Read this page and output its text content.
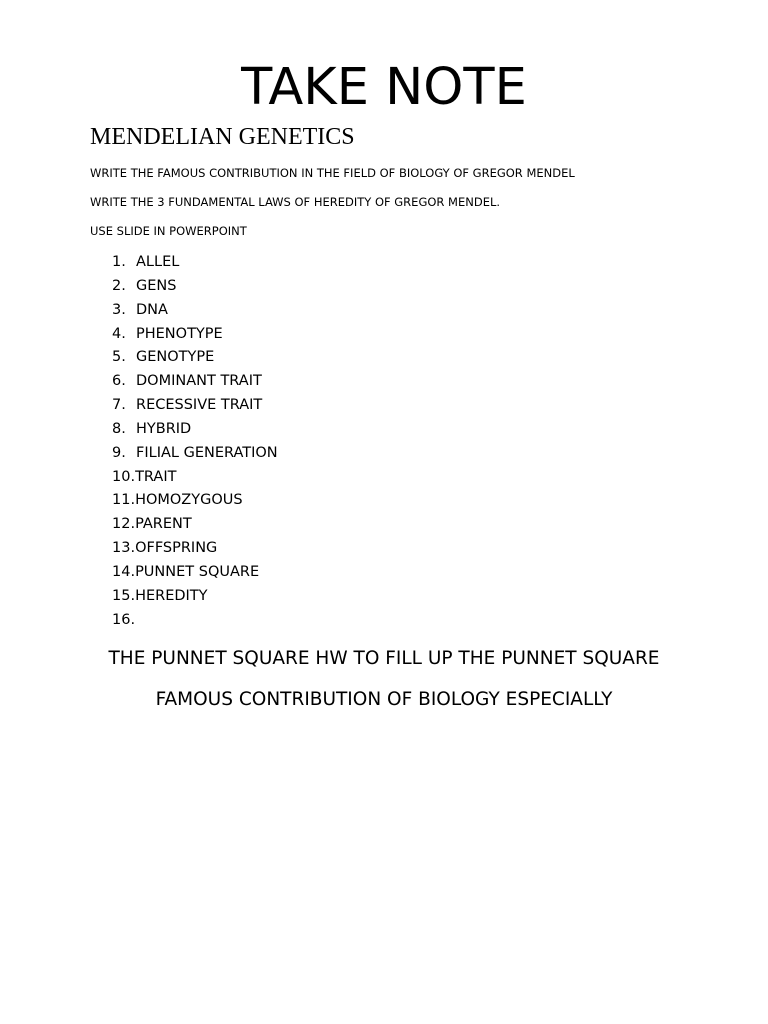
TAKE NOTE
MENDELIAN GENETICS

WRITE THE FAMOUS CONTRIBUTION IN THE FIELD OF BIOLOGY OF GREGOR MENDEL

WRITE THE 3 FUNDAMENTAL LAWS OF HEREDITY OF GREGOR MENDEL.

USE SLIDE IN POWERPOINT

1. ALLEL
2. GENS
3. DNA
4. PHENOTYPE
5. GENOTYPE
6. DOMINANT TRAIT
7. RECESSIVE TRAIT
8. HYBRID
9. FILIAL GENERATION
10.TRAIT
11.HOMOZYGOUS
12.PARENT
13.OFFSPRING
14.PUNNET SQUARE
15.HEREDITY
16.

THE PUNNET SQUARE HW TO FILL UP THE PUNNET SQUARE

FAMOUS CONTRIBUTION OF BIOLOGY ESPECIALLY
